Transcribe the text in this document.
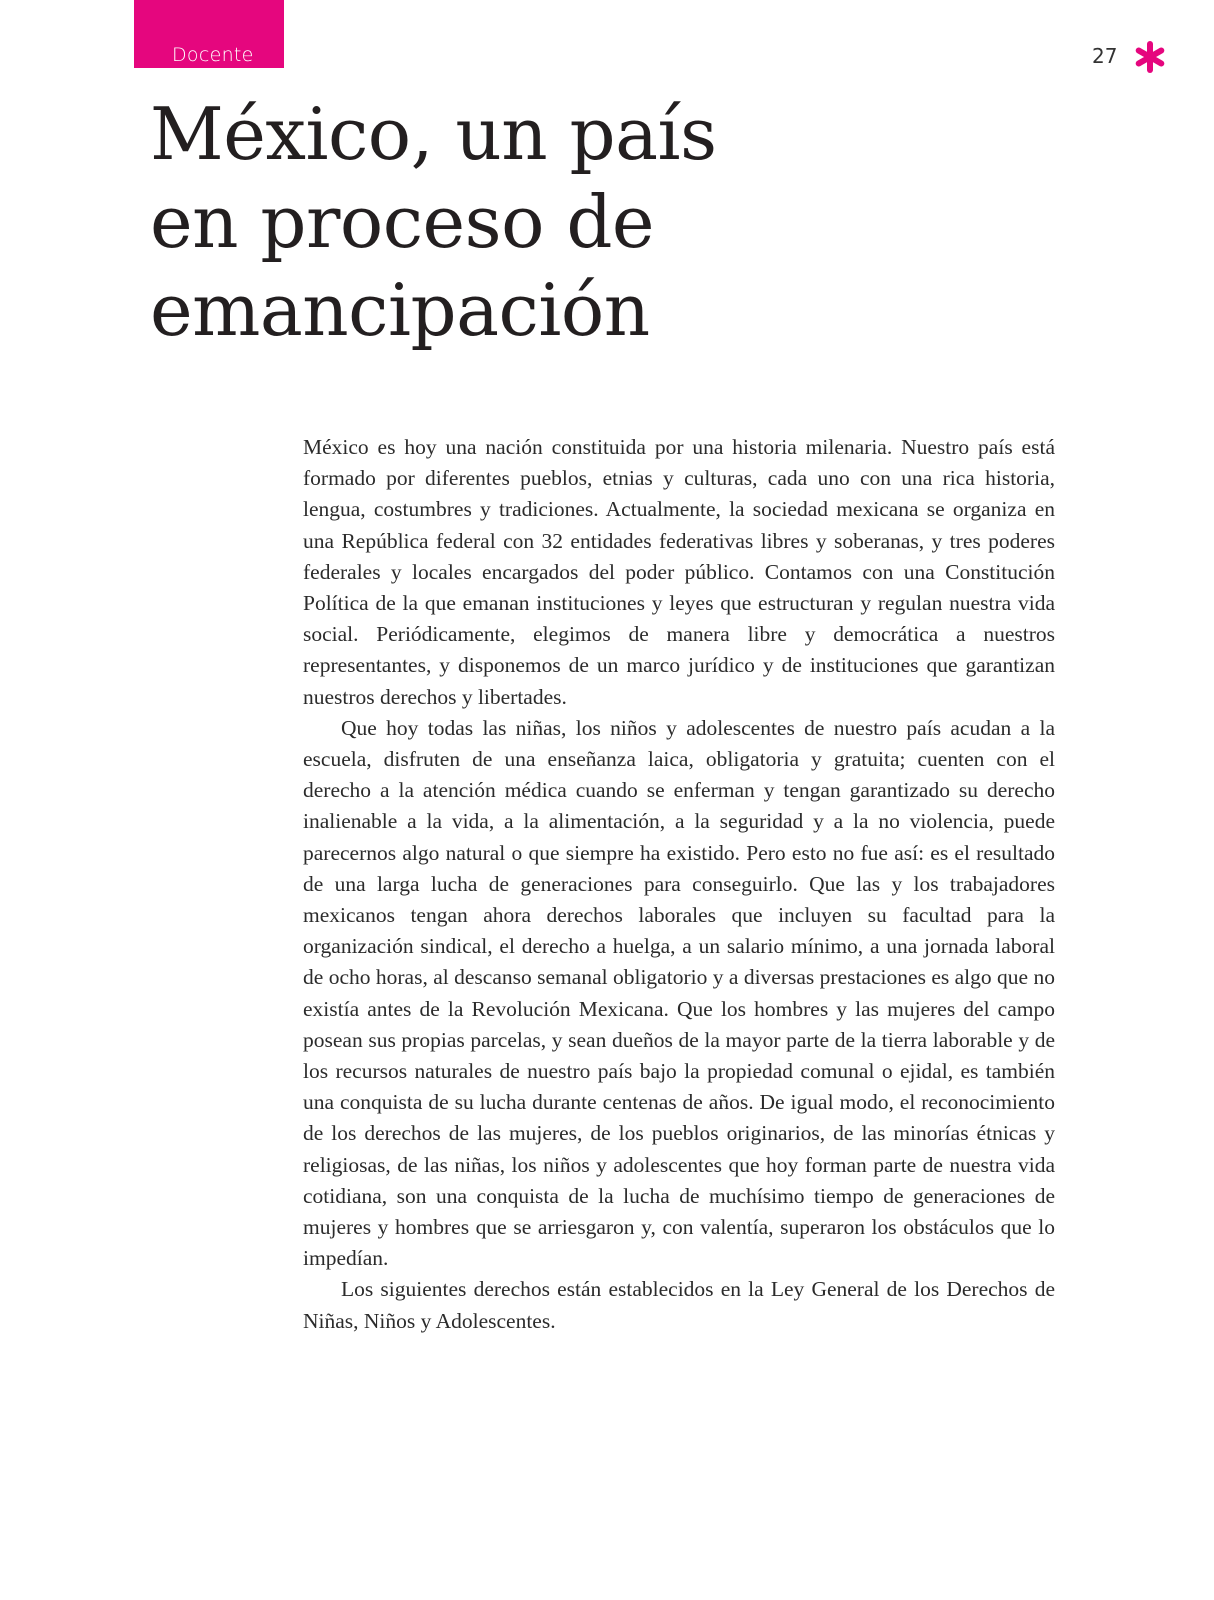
Docente	27
México, un país
en proceso de
emancipación

México es hoy una nación constituida por una historia milenaria. Nuestro país está formado por diferentes pueblos, etnias y culturas, cada uno con una rica historia, lengua, costumbres y tradiciones. Actualmente, la sociedad mexicana se organiza en una República federal con 32 entidades federativas libres y soberanas, y tres poderes federales y locales encargados del poder público. Contamos con una Constitución Política de la que emanan instituciones y leyes que estructuran y regulan nuestra vida social. Periódicamente, elegimos de manera libre y democrática a nuestros representantes, y disponemos de un marco jurídico y de instituciones que garantizan nuestros derechos y libertades.

Que hoy todas las niñas, los niños y adolescentes de nuestro país acudan a la escuela, disfruten de una enseñanza laica, obligatoria y gratuita; cuenten con el derecho a la atención médica cuando se enferman y tengan garantizado su derecho inalienable a la vida, a la alimentación, a la seguridad y a la no violencia, puede parecernos algo natural o que siempre ha existido. Pero esto no fue así: es el resultado de una larga lucha de generaciones para conseguirlo. Que las y los trabajadores mexicanos tengan ahora derechos laborales que incluyen su facultad para la organización sindical, el derecho a huelga, a un salario mínimo, a una jornada laboral de ocho horas, al descanso semanal obligatorio y a diversas prestaciones es algo que no existía antes de la Revolución Mexicana. Que los hombres y las mujeres del campo posean sus propias parcelas, y sean dueños de la mayor parte de la tierra laborable y de los recursos naturales de nuestro país bajo la propiedad comunal o ejidal, es también una conquista de su lucha durante centenas de años. De igual modo, el reconocimiento de los derechos de las mujeres, de los pueblos originarios, de las minorías étnicas y religiosas, de las niñas, los niños y adolescentes que hoy forman parte de nuestra vida cotidiana, son una conquista de la lucha de muchísimo tiempo de generaciones de mujeres y hombres que se arriesgaron y, con valentía, superaron los obstáculos que lo impedían.

Los siguientes derechos están establecidos en la Ley General de los Derechos de Niñas, Niños y Adolescentes.
